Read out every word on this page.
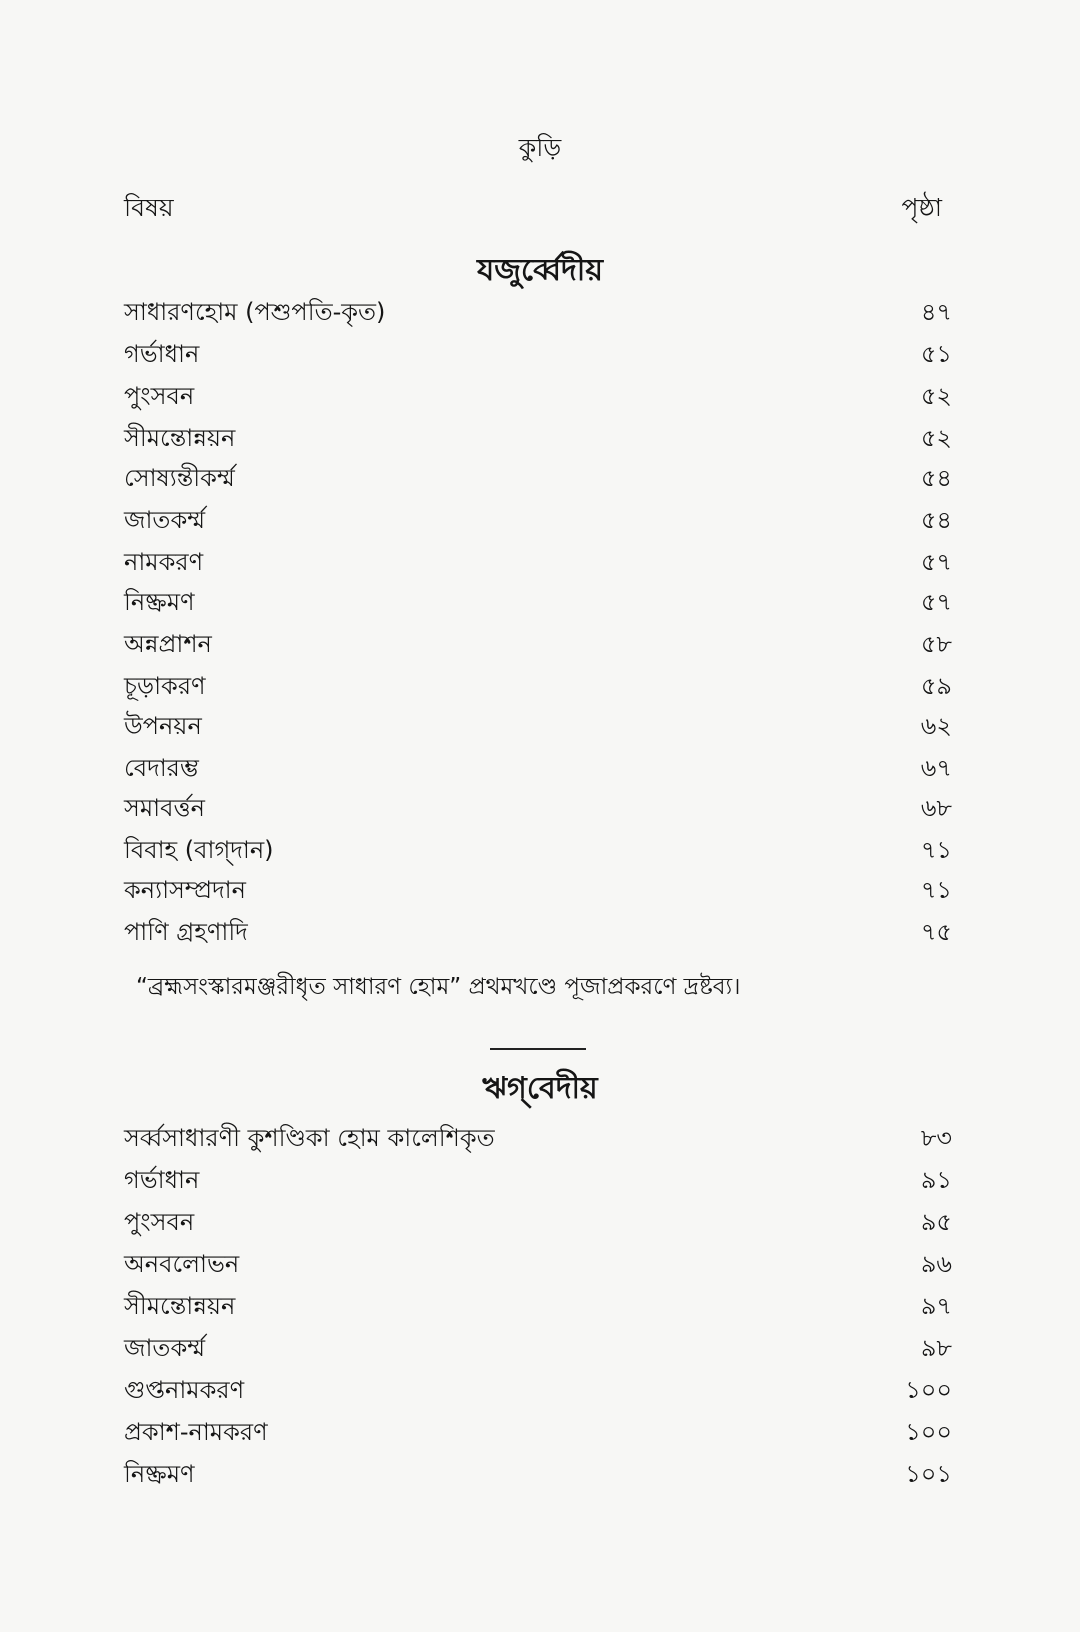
কুড়ি
বিষয়	পৃষ্ঠা
যজুর্ব্বেদীয়
সাধারণহোম (পশুপতি-কৃত)	৪৭
গর্ভাধান	৫১
পুংসবন	৫২
সীমন্তোন্নয়ন	৫২
সোষ্যন্তীকর্ম্ম	৫৪
জাতকর্ম্ম	৫৪
নামকরণ	৫৭
নিষ্ক্রমণ	৫৭
অন্নপ্রাশন	৫৮
চূড়াকরণ	৫৯
উপনয়ন	৬২
বেদারম্ভ	৬৭
সমাবর্ত্তন	৬৮
বিবাহ (বাগ্‌দান)	৭১
কন্যাসম্প্রদান	৭১
পাণি গ্রহণাদি	৭৫
“ব্রহ্মসংস্কারমঞ্জরীধৃত সাধারণ হোম” প্রথমখণ্ডে পূজাপ্রকরণে দ্রষ্টব্য।
ঋগ্‌বেদীয়
সর্ব্বসাধারণী কুশণ্ডিকা হোম কালেশিকৃত	৮৩
গর্ভাধান	৯১
পুংসবন	৯৫
অনবলোভন	৯৬
সীমন্তোন্নয়ন	৯৭
জাতকর্ম্ম	৯৮
গুপ্তনামকরণ	১০০
প্রকাশ-নামকরণ	১০০
নিষ্ক্রমণ	১০১
